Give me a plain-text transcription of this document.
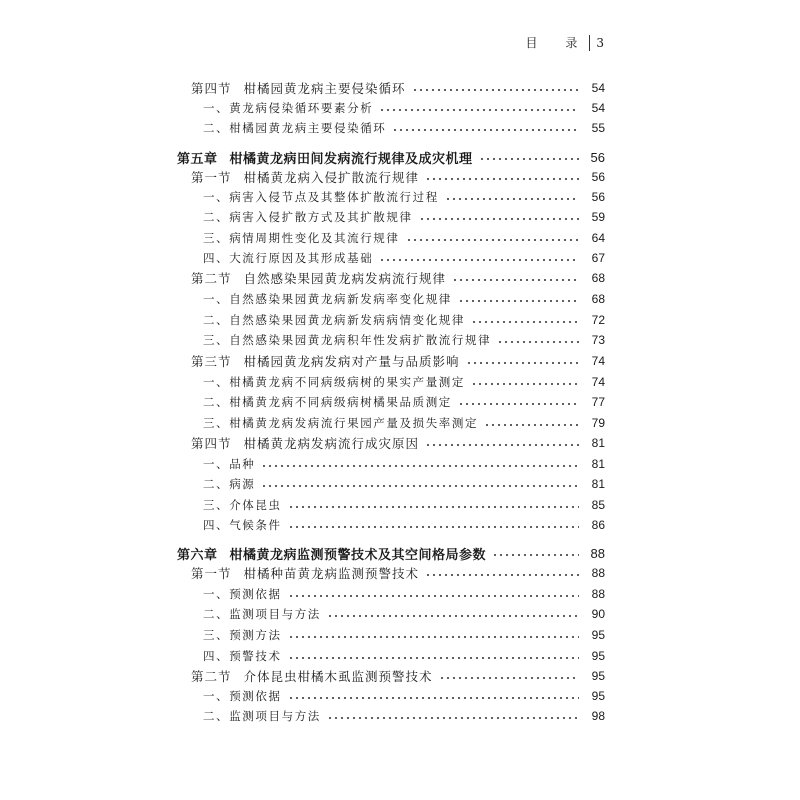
目 录 3
第四节 柑橘园黄龙病主要侵染循环	54
一、黄龙病侵染循环要素分析	54
二、柑橘园黄龙病主要侵染循环	55
第五章 柑橘黄龙病田间发病流行规律及成灾机理	56
第一节 柑橘黄龙病入侵扩散流行规律	56
一、病害入侵节点及其整体扩散流行过程	56
二、病害入侵扩散方式及其扩散规律	59
三、病情周期性变化及其流行规律	64
四、大流行原因及其形成基础	67
第二节 自然感染果园黄龙病发病流行规律	68
一、自然感染果园黄龙病新发病率变化规律	68
二、自然感染果园黄龙病新发病病情变化规律	72
三、自然感染果园黄龙病积年性发病扩散流行规律	73
第三节 柑橘园黄龙病发病对产量与品质影响	74
一、柑橘黄龙病不同病级病树的果实产量测定	74
二、柑橘黄龙病不同病级病树橘果品质测定	77
三、柑橘黄龙病发病流行果园产量及损失率测定	79
第四节 柑橘黄龙病发病流行成灾原因	81
一、品种	81
二、病源	81
三、介体昆虫	85
四、气候条件	86
第六章 柑橘黄龙病监测预警技术及其空间格局参数	88
第一节 柑橘种苗黄龙病监测预警技术	88
一、预测依据	88
二、监测项目与方法	90
三、预测方法	95
四、预警技术	95
第二节 介体昆虫柑橘木虱监测预警技术	95
一、预测依据	95
二、监测项目与方法	98
